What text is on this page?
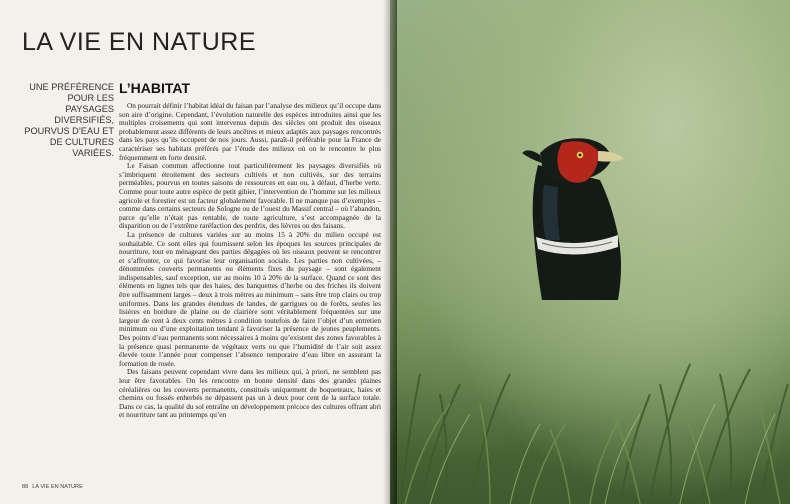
LA VIE EN NATURE
UNE PRÉFÉRENCE POUR LES PAYSAGES DIVERSIFIÉS, POURVUS D’EAU ET DE CULTURES VARIÉES.
L’HABITAT

On pourrait définir l’habitat idéal du faisan par l’analyse des milieux qu’il occupe dans son aire d’origine. Cependant, l’évolution naturelle des espèces introduites ainsi que les multiples croisements qui sont intervenus depuis des siècles ont produit des oiseaux probablement assez différents de leurs ancêtres et mieux adaptés aux paysages rencontrés dans les pays qu’ils occupent de nos jours. Aussi, paraît-il préférable pour la France de caractériser ses habitats préférés par l’étude des milieux où on le rencontre le plus fréquemment en forte densité.

Le Faisan commun affectionne tout particulièrement les paysages diversifiés où s’imbriquent étroitement des secteurs cultivés et non cultivés, sur des terrains perméables, pourvus en toutes saisons de ressources en eau ou, à défaut, d’herbe verte. Comme pour toute autre espèce de petit gibier, l’intervention de l’homme sur les milieux agricole et forestier est un facteur globalement favorable. Il ne manque pas d’exemples – comme dans certains secteurs de Sologne ou de l’ouest du Massif central – où l’abandon, parce qu’elle n’était pas rentable, de toute agriculture, s’est accompagnée de la disparition ou de l’extrême raréfaction des perdrix, des lièvres ou des faisans.

La présence de cultures variées sur au moins 15 à 20% du milieu occupé est souhaitable. Ce sont elles qui fournissent selon les époques les sources principales de nourriture, tout en ménageant des parties dégagées où les oiseaux peuvent se rencontrer et s’affronter, ce qui favorise leur organisation sociale. Les parties non cultivées, – dénommées couverts permanents ou éléments fixes du paysage – sont également indispensables, sauf exception, sur au moins 10 à 20% de la surface. Quand ce sont des éléments en lignes tels que des haies, des banquettes d’herbe ou des friches ils doivent être suffisamment larges – deux à trois mètres au minimum – sans être trop clairs ou trop uniformes. Dans les grandes étendues de landes, de garrigues ou de forêts, seules les lisières en bordure de plaine ou de clairière sont véritablement fréquentées sur une largeur de cent à deux cents mètres à condition toutefois de faire l’objet d’un entretien minimum ou d’une exploitation tendant à favoriser la présence de jeunes peuplements. Des points d’eau permanents sont nécessaires à moins qu’existent des zones favorables à la présence quasi permanente de végétaux verts ou que l’humidité de l’air soit assez élevée toute l’année pour compenser l’absence temporaire d’eau libre en assurant la formation de rosée.

Des faisans peuvent cependant vivre dans les milieux qui, à priori, ne semblent pas leur être favorables. On les rencontre en bonne densité dans des grandes plaines céréalières ou les couverts permanents, constitués uniquement de boqueteaux, haies et chemins ou fossés enherbés ne dépassent pas un à deux pour cent de la surface totale. Dans ce cas, la qualité du sol entraîne un développement précoce des cultures offrant abri et nourriture tant au printemps qu’en

88 LA VIE EN NATURE
